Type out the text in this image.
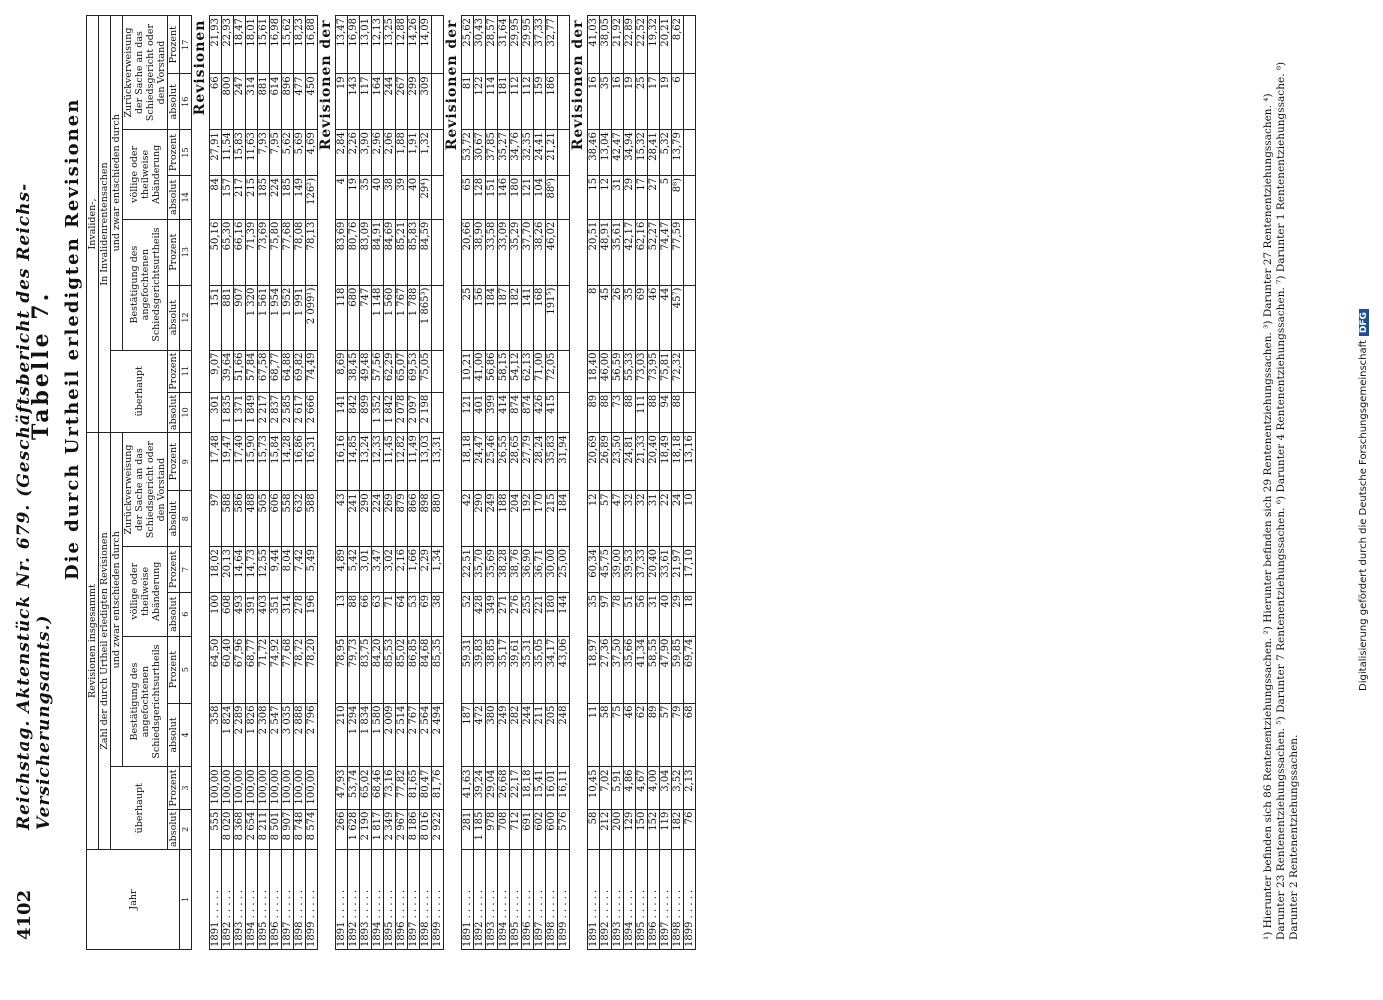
4102
Reichstag. Aktenstück Nr. 679. (Geschäftsbericht des Reichs-Versicherungsamts.)
Tabelle 7. Die durch Urtheil erledigten Revisionen
Jahr	Revisionen insgesammt								Invaliden-,							
	Zahl der durch Urtheil erledigten Revisionen								In Invalidenrentensachen							
	überhaupt		und zwar entschieden durch						überhaupt		und zwar entschieden durch					
			Bestätigung des angefochtenen Schiedsgerichtsurtheils		völlige oder theilweise Abänderung		Zurückverweisung der Sache an das Schiedsgericht oder den Vorstand				Bestätigung des angefochtenen Schiedsgerichtsurtheils		völlige oder theilweise Abänderung		Zurückverweisung der Sache an das Schiedsgericht oder den Vorstand	
	absolut	Prozent	absolut	Prozent	absolut	Prozent	absolut	Prozent	absolut	Prozent	absolut	Prozent	absolut	Prozent	absolut	Prozent
1	2	3	4	5	6	7	8	9	10	11	12	13	14	15	16	17
Revisionen																
1891 . . . . .	555	100,00	358	64,50	100	18,02	97	17,48	301	9,07	151	50,16	84	27,91	66	21,93
1892 . . . . .	8 020	100,00	1 824	60,40	608	20,13	588	19,47	1 835	39,64	881	65,30	157	11,54	800	22,93
1893 . . . . .	8 368	100,00	2 289	67,96	493	14,64	586	17,40	1 371	51,66	907	66,16	217	15,83	247	18,47
1894 . . . . .	2 654	100,00	1 826	68,77	391	14,73	488	15,90	1 849	57,84	1 320	71,39	215	11,63	314	18,01
1895 . . . . .	8 211	100,00	2 308	71,72	403	12,55	505	15,73	2 217	67,58	1 561	73,69	185	7,93	881	15,61
1896 . . . . .	8 501	100,00	2 547	74,92	351	9,44	606	15,84	2 837	68,77	1 954	75,80	224	7,95	614	16,98
1897 . . . . .	8 907	100,00	3 035	77,68	314	8,04	558	14,28	2 585	64,88	1 952	77,68	185	5,62	896	15,62
1898 . . . . .	8 748	100,00	2 888	78,72	278	7,42	632	16,86	2 617	69,82	1 991	78,08	149	5,69	477	18,23
1899 . . . . .	8 574	100,00	2 796	78,20	196	5,49	588	16,31	2 666	74,49	2 099¹)	78,13	126²)	4,69	450	16,88
Revisionen der																
1891 . . . . .	266	47,93	210	78,95	13	4,89	43	16,16	141	8,69	118	83,69	4	2,84	19	13,47
1892 . . . . .	1 628	53,74	1 294	79,73	88	5,42	241	14,85	842	38,45	680	80,76	19	2,26	143	16,98
1893 . . . . .	2 190	65,02	1 834	83,75	66	3,01	290	13,24	899	49,48	747	83,09	35	3,90	117	13,01
1894 . . . . .	1 817	68,46	1 580	84,20	63	3,47	224	12,33	1 352	57,56	1 148	84,91	40	2,96	164	12,13
1895 . . . . .	2 349	73,16	2 009	85,53	71	3,02	269	11,45	1 842	62,29	1 560	84,69	38	2,06	244	13,25
1896 . . . . .	2 967	77,82	2 514	85,02	64	2,16	879	12,82	2 078	65,07	1 767	85,21	39	1,88	267	12,88
1897 . . . . .	8 186	81,65	2 767	86,85	53	1,66	866	11,49	2 097	69,53	1 788	85,83	40	1,91	299	14,26
1898 . . . . .	8 016	80,47	2 564	84,68	69	2,29	898	13,03	2 198	75,05	1 865³)	84,59	29⁴)	1,32	309	14,09
1899 . . . . .	2 922	81,76	2 494	85,35	38	1,34	880	13,31								
Revisionen der																
1891 . . . . .	281	41,63	187	59,31	52	22,51	42	18,18	121	10,21	25	20,66	65	53,72	81	25,62
1892 . . . . .	1 185	39,24	472	39,83	428	35,70	290	24,47	401	41,00	156	38,90	128	30,67	122	30,43
1893 . . . . .	978	29,04	380	38,85	349	35,69	249	25,46	399	56,86	184	33,58	151	37,85	114	28,57
1894 . . . . .	708	26,68	249	35,17	271	38,28	188	26,55	414	58,15	187	33,09	146	35,27	181	31,64
1895 . . . . .	712	22,17	282	39,61	276	38,76	204	28,65	874	54,12	182	35,29	180	34,76	112	29,95
1896 . . . . .	691	18,18	244	35,31	255	36,90	192	27,79	874	62,13	141	37,70	121	32,35	112	29,95
1897 . . . . .	602	15,41	211	35,05	221	36,71	170	28,24	426	71,00	168	38,26	104	24,41	159	37,33
1898 . . . . .	600	16,01	205	34,17	180	30,00	215	35,83	415	72,05	191⁵)	46,02	88⁶)	21,21	186	32,77
1899 . . . . .	576	16,11	248	43,06	144	25,00	184	31,94								
Revisionen der																
1891 . . . . .	58	10,45	11	18,97	35	60,34	12	20,69	89	18,40	8	20,51	15	38,46	16	41,03
1892 . . . . .	212	7,02	58	27,36	97	45,75	57	26,89	88	46,00	45	48,91	12	13,04	35	38,05
1893 . . . . .	200	5,91	75	37,50	78	39,00	47	23,50	73	56,59	26	35,61	31	42,47	16	21,92
1894 . . . . .	129	4,86	46	35,66	51	39,53	32	24,81	88	55,33	35	42,17	29	34,94	19	22,89
1895 . . . . .	150	4,67	62	41,34	56	37,33	32	21,33	111	73,03	69	62,16	17	15,32	25	22,52
1896 . . . . .	152	4,00	89	58,55	31	20,40	31	20,40	88	73,95	46	52,27	27	28,41	17	19,32
1897 . . . . .	119	3,04	57	47,90	40	33,61	22	18,49	94	75,81	44	74,47	5	5,32	19	20,21
1898 . . . . .	182	3,52	79	59,85	29	21,97	24	18,18	88	72,32	45⁷)	77,59	8⁸)	13,79	6	8,62
1899 . . . . .	76	2,13	68	69,74	18	17,10	10	13,16									¹) Hierunter befinden sich 86 Rentenentziehungssachen. ²) Hierunter befinden sich 29 Rentenentziehungssachen. ³) Darunter 27 Rentenentziehungssachen. ⁴) Darunter 23 Rentenentziehungssachen. ⁵) Darunter 7 Rentenentziehungssachen. ⁶) Darunter 4 Rentenentziehungssachen. ⁷) Darunter 1 Rentenentziehungssache. ⁸) Darunter 2 Rentenentziehungssachen.
Digitalisierung gefördert durch die Deutsche ForschungsgemeinschaftDFG
